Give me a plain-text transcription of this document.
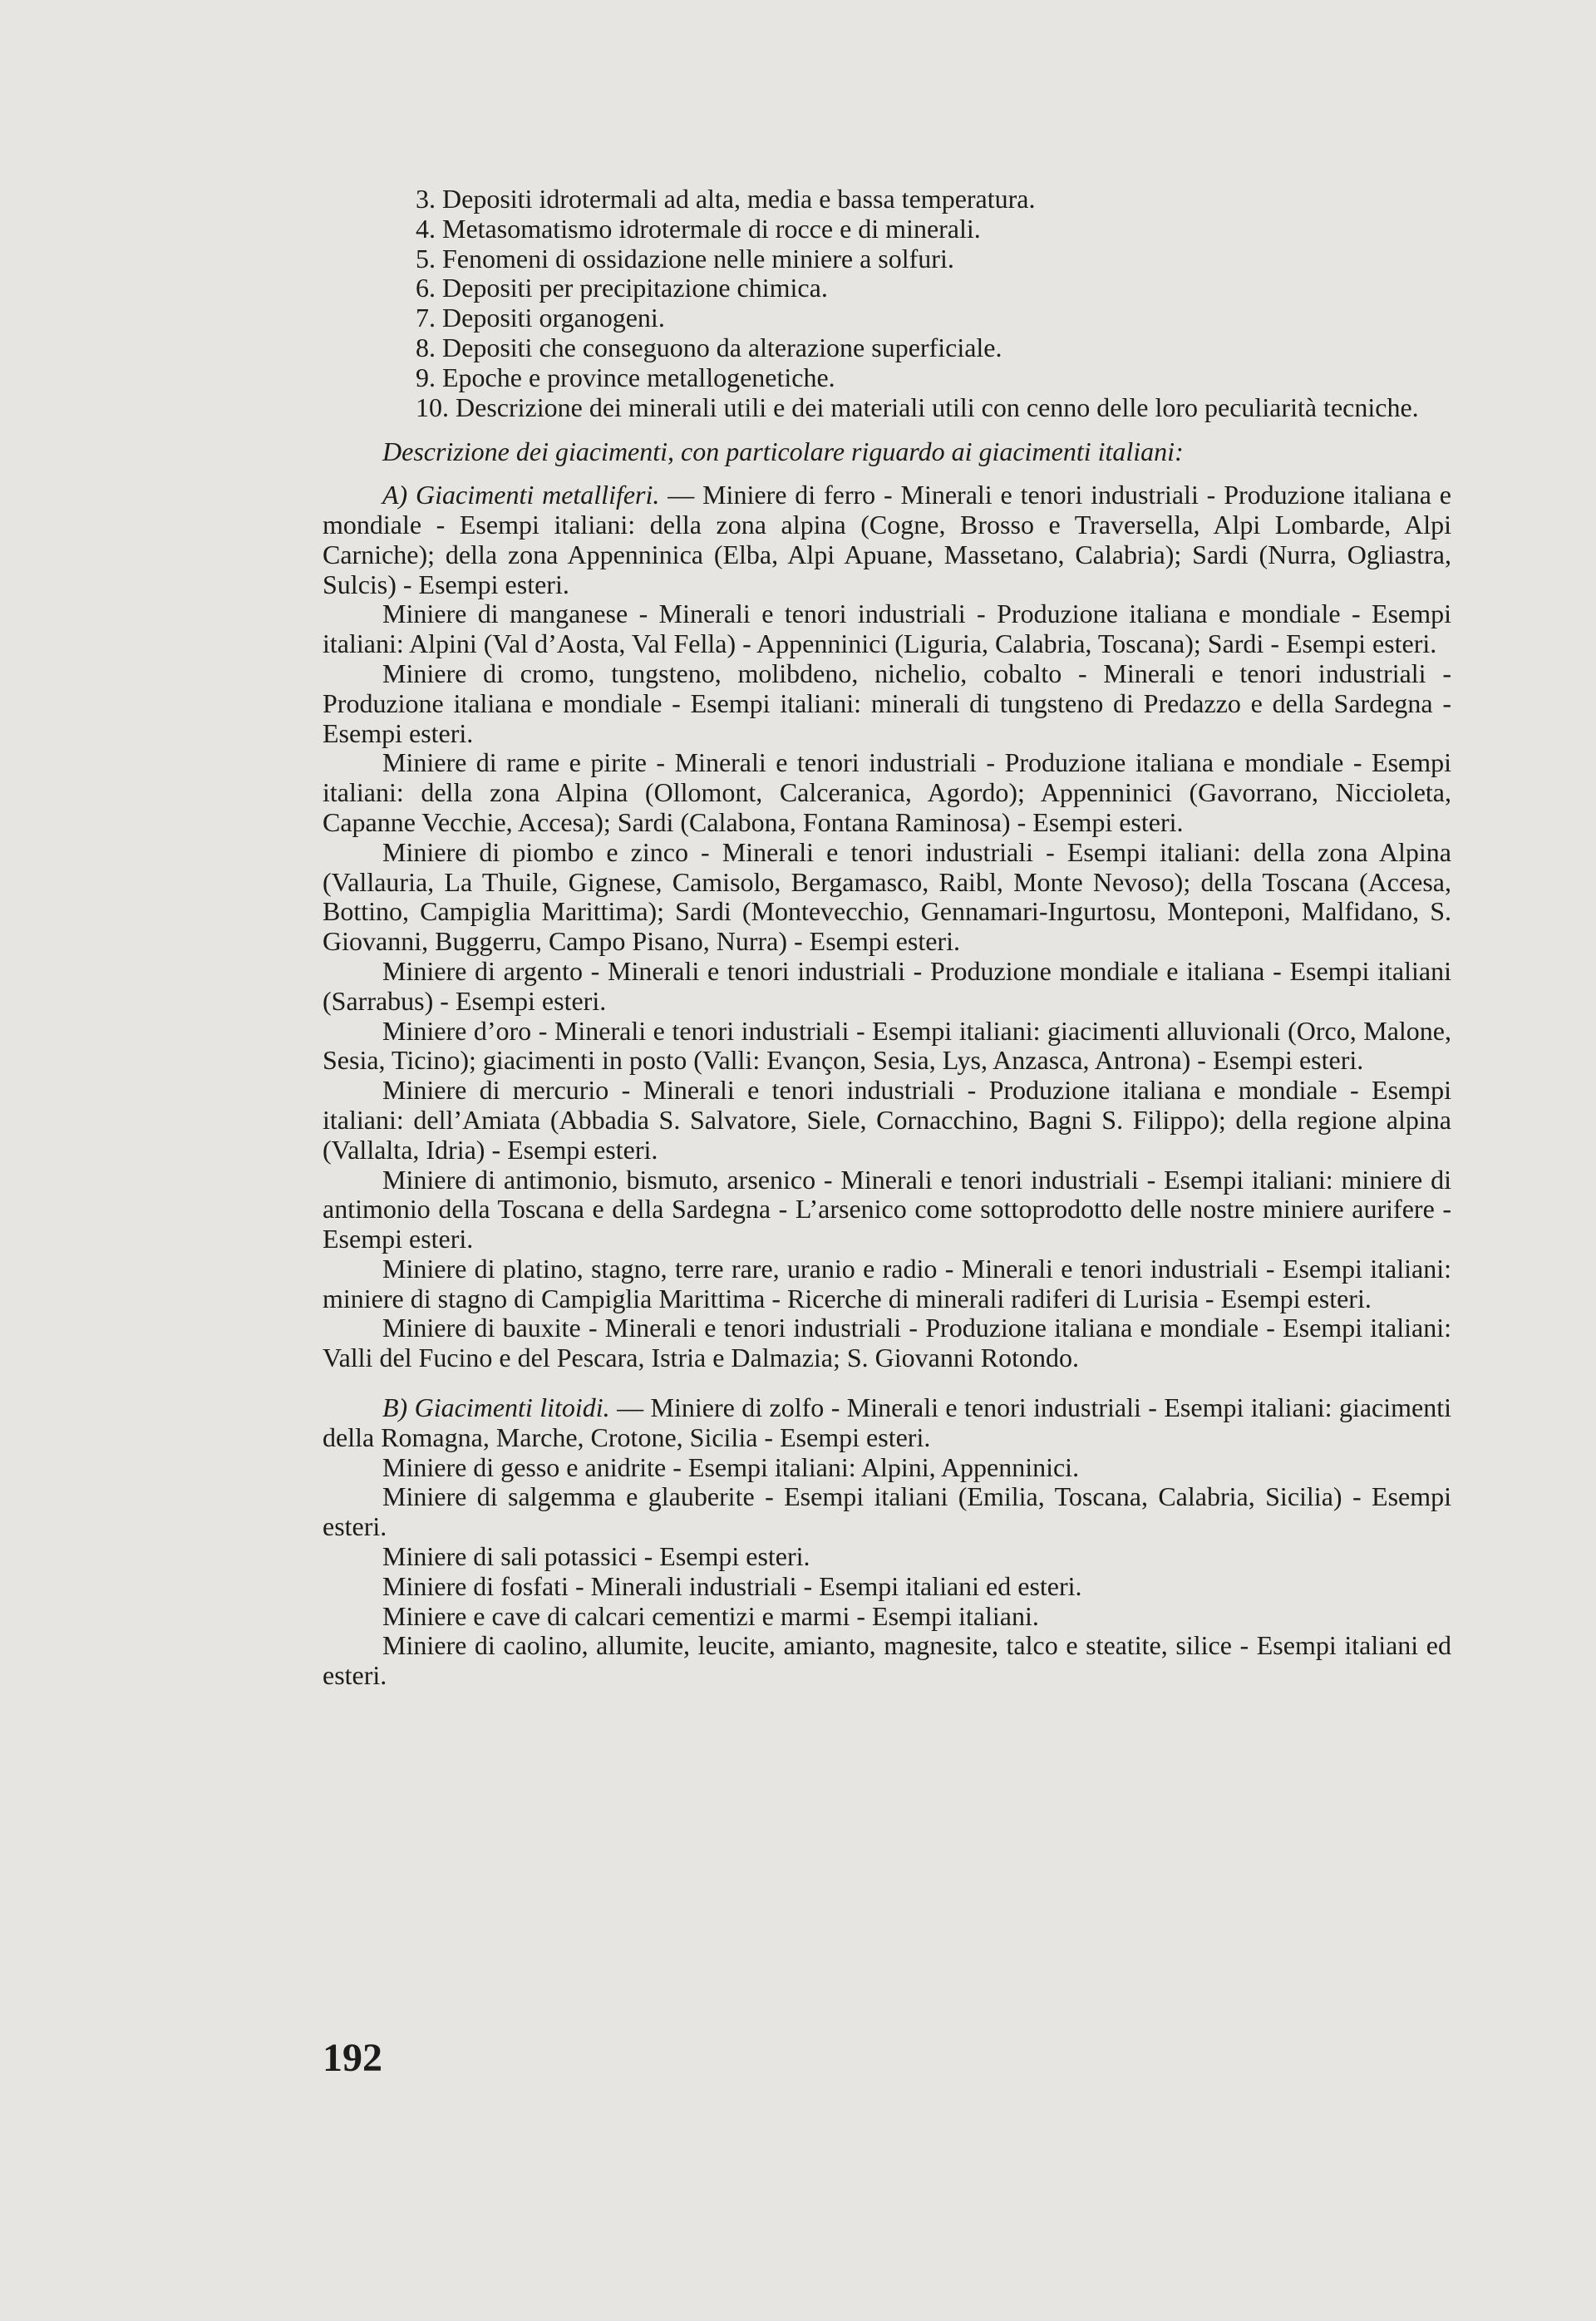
3. Depositi idrotermali ad alta, media e bassa temperatura.

4. Metasomatismo idrotermale di rocce e di minerali.

5. Fenomeni di ossidazione nelle miniere a solfuri.

6. Depositi per precipitazione chimica.

7. Depositi organogeni.

8. Depositi che conseguono da alterazione superficiale.

9. Epoche e province metallogenetiche.

10. Descrizione dei minerali utili e dei materiali utili con cenno delle loro peculiarità tecniche.

Descrizione dei giacimenti, con particolare riguardo ai giacimenti italiani:

A) Giacimenti metalliferi. — Miniere di ferro - Minerali e tenori industriali - Produzione italiana e mondiale - Esempi italiani: della zona alpina (Cogne, Brosso e Traversella, Alpi Lombarde, Alpi Carniche); della zona Appenninica (Elba, Alpi Apuane, Massetano, Calabria); Sardi (Nurra, Ogliastra, Sulcis) - Esempi esteri.

Miniere di manganese - Minerali e tenori industriali - Produzione italiana e mondiale - Esempi italiani: Alpini (Val d’Aosta, Val Fella) - Appenninici (Liguria, Calabria, Toscana); Sardi - Esempi esteri.

Miniere di cromo, tungsteno, molibdeno, nichelio, cobalto - Minerali e tenori industriali - Produzione italiana e mondiale - Esempi italiani: minerali di tungsteno di Predazzo e della Sardegna - Esempi esteri.

Miniere di rame e pirite - Minerali e tenori industriali - Produzione italiana e mondiale - Esempi italiani: della zona Alpina (Ollomont, Calceranica, Agordo); Appenninici (Gavorrano, Niccioleta, Capanne Vecchie, Accesa); Sardi (Calabona, Fontana Raminosa) - Esempi esteri.

Miniere di piombo e zinco - Minerali e tenori industriali - Esempi italiani: della zona Alpina (Vallauria, La Thuile, Gignese, Camisolo, Bergamasco, Raibl, Monte Nevoso); della Toscana (Accesa, Bottino, Campiglia Marittima); Sardi (Montevecchio, Gennamari-Ingurtosu, Monteponi, Malfidano, S. Giovanni, Buggerru, Campo Pisano, Nurra) - Esempi esteri.

Miniere di argento - Minerali e tenori industriali - Produzione mondiale e italiana - Esempi italiani (Sarrabus) - Esempi esteri.

Miniere d’oro - Minerali e tenori industriali - Esempi italiani: giacimenti alluvionali (Orco, Malone, Sesia, Ticino); giacimenti in posto (Valli: Evançon, Sesia, Lys, Anzasca, Antrona) - Esempi esteri.

Miniere di mercurio - Minerali e tenori industriali - Produzione italiana e mondiale - Esempi italiani: dell’Amiata (Abbadia S. Salvatore, Siele, Cornacchino, Bagni S. Filippo); della regione alpina (Vallalta, Idria) - Esempi esteri.

Miniere di antimonio, bismuto, arsenico - Minerali e tenori industriali - Esempi italiani: miniere di antimonio della Toscana e della Sardegna - L’arsenico come sottoprodotto delle nostre miniere aurifere - Esempi esteri.

Miniere di platino, stagno, terre rare, uranio e radio - Minerali e tenori industriali - Esempi italiani: miniere di stagno di Campiglia Marittima - Ricerche di minerali radiferi di Lurisia - Esempi esteri.

Miniere di bauxite - Minerali e tenori industriali - Produzione italiana e mondiale - Esempi italiani: Valli del Fucino e del Pescara, Istria e Dalmazia; S. Giovanni Rotondo.

B) Giacimenti litoidi. — Miniere di zolfo - Minerali e tenori industriali - Esempi italiani: giacimenti della Romagna, Marche, Crotone, Sicilia - Esempi esteri.

Miniere di gesso e anidrite - Esempi italiani: Alpini, Appenninici.

Miniere di salgemma e glauberite - Esempi italiani (Emilia, Toscana, Calabria, Sicilia) - Esempi esteri.

Miniere di sali potassici - Esempi esteri.

Miniere di fosfati - Minerali industriali - Esempi italiani ed esteri.

Miniere e cave di calcari cementizi e marmi - Esempi italiani.

Miniere di caolino, allumite, leucite, amianto, magnesite, talco e steatite, silice - Esempi italiani ed esteri.

192
